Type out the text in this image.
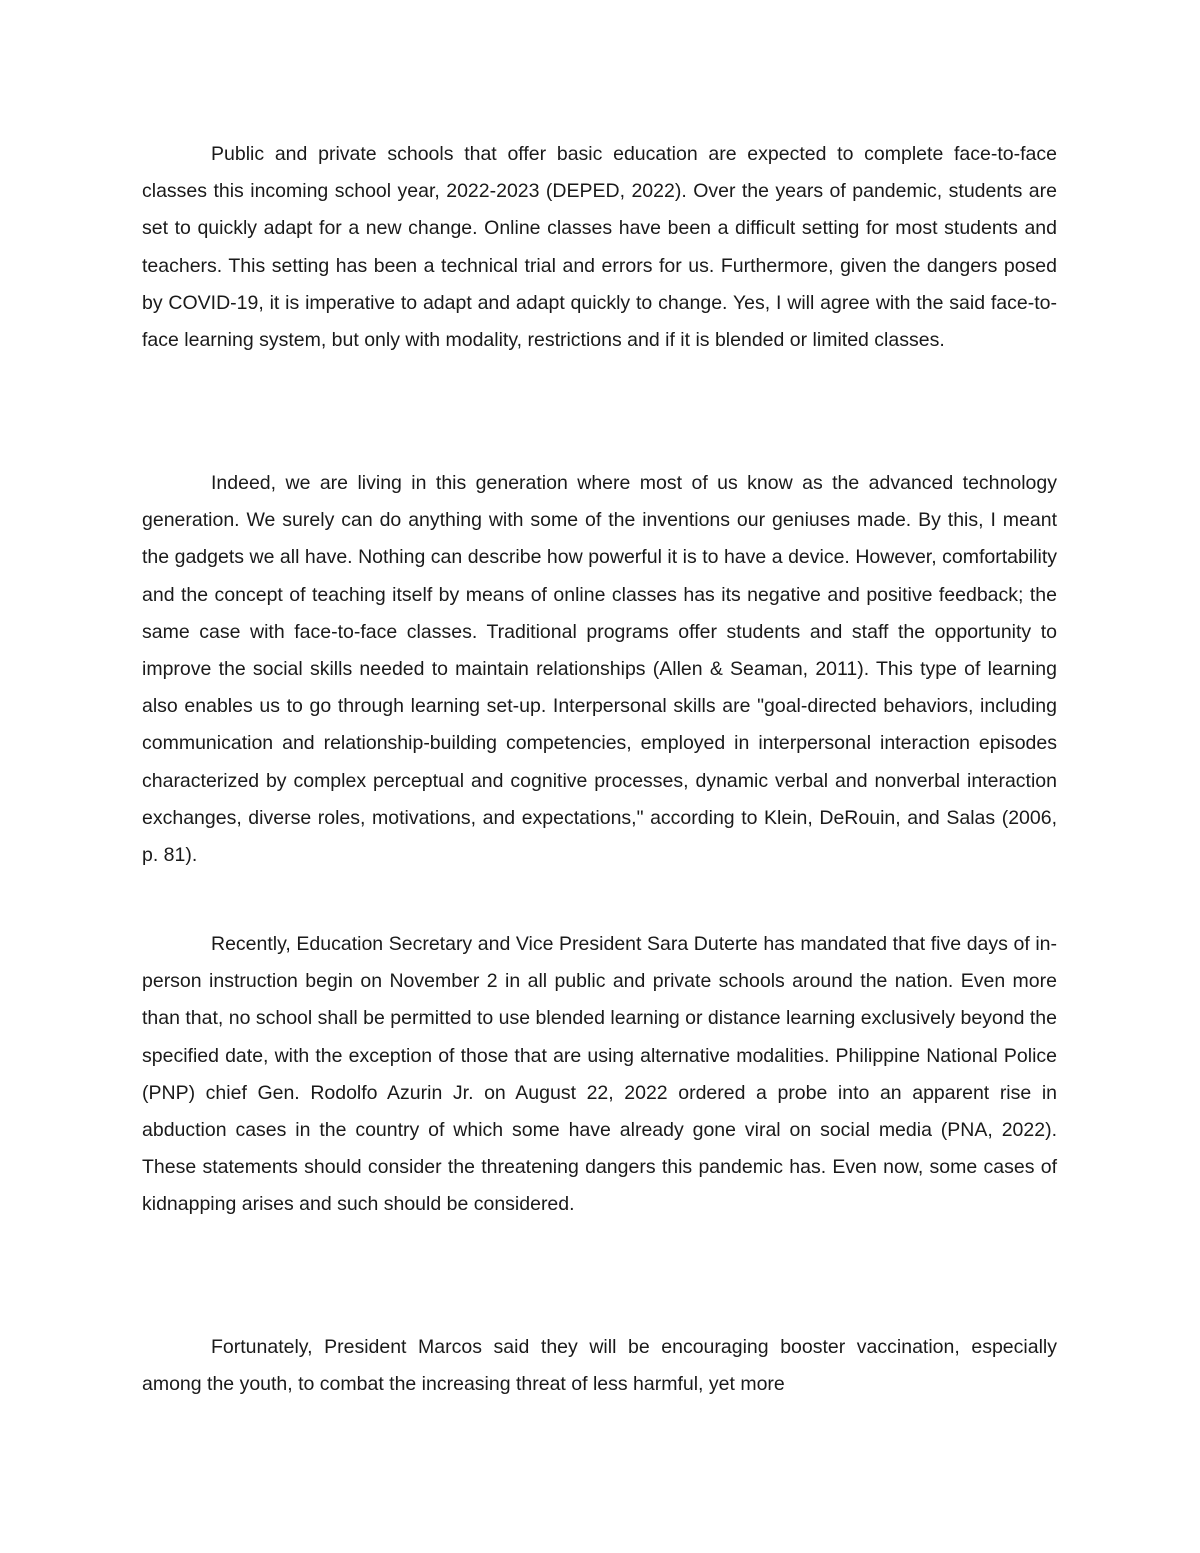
Public and private schools that offer basic education are expected to complete face-to-face classes this incoming school year, 2022-2023 (DEPED, 2022). Over the years of pandemic, students are set to quickly adapt for a new change. Online classes have been a difficult setting for most students and teachers. This setting has been a technical trial and errors for us. Furthermore, given the dangers posed by COVID-19, it is imperative to adapt and adapt quickly to change. Yes, I will agree with the said face-to-face learning system, but only with modality, restrictions and if it is blended or limited classes.

Indeed, we are living in this generation where most of us know as the advanced technology generation. We surely can do anything with some of the inventions our geniuses made. By this, I meant the gadgets we all have. Nothing can describe how powerful it is to have a device. However, comfortability and the concept of teaching itself by means of online classes has its negative and positive feedback; the same case with face-to-face classes. Traditional programs offer students and staff the opportunity to improve the social skills needed to maintain relationships (Allen & Seaman, 2011). This type of learning also enables us to go through learning set-up. Interpersonal skills are "goal-directed behaviors, including communication and relationship-building competencies, employed in interpersonal interaction episodes characterized by complex perceptual and cognitive processes, dynamic verbal and nonverbal interaction exchanges, diverse roles, motivations, and expectations," according to Klein, DeRouin, and Salas (2006, p. 81).

Recently, Education Secretary and Vice President Sara Duterte has mandated that five days of in-person instruction begin on November 2 in all public and private schools around the nation. Even more than that, no school shall be permitted to use blended learning or distance learning exclusively beyond the specified date, with the exception of those that are using alternative modalities. Philippine National Police (PNP) chief Gen. Rodolfo Azurin Jr. on August 22, 2022 ordered a probe into an apparent rise in abduction cases in the country of which some have already gone viral on social media (PNA, 2022). These statements should consider the threatening dangers this pandemic has. Even now, some cases of kidnapping arises and such should be considered.

Fortunately, President Marcos said they will be encouraging booster vaccination, especially among the youth, to combat the increasing threat of less harmful, yet more
